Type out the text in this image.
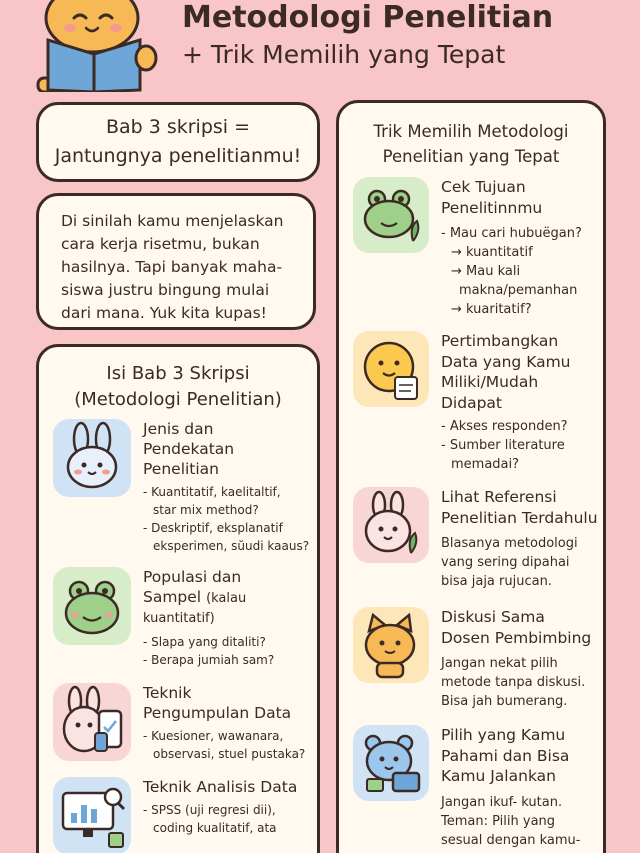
Metodologi Penelitian
+ Trik Memilih yang Tepat
Bab 3 skripsi =
Jantungnya penelitianmu!
Di sinilah kamu menjelaskan
cara kerja risetmu, bukan
hasilnya. Tapi banyak maha-
siswa justru bingung mulai
dari mana. Yuk kita kupas!
Isi Bab 3 Skripsi
(Metodologi Penelitian)
Jenis dan
Pendekatan
Penelitian
- Kuantitatif, kaelitaltif,
star mix method?
- Deskriptif, eksplanatif
eksperimen, sŭudi kaaus?
Populasi dan
Sampel (kalau
kuantitatif)
- Slapa yang ditaliti?
- Berapa jumiah sam?
Teknik
Pengumpulan Data
- Kuesioner, wawanara,
observasi, stuel pustaka?
Teknik Analisis Data
- SPSS (uji regresi dii),
coding kualitatif, ata
Trik Memilih Metodologi
Penelitian yang Tepat
Cek Tujuan
Penelitinnmu
- Mau cari hubuёgan?
→ kuantitatif
→ Mau kali
makna/pemanhan
→ kuaritatif?
Pertimbangkan
Data yang Kamu
Miliki/Mudah
Didapat
- Akses responden?
- Sumber literature
memadai?
Lihat Referensi
Penelitian Terdahulu
Blasanya metodologi
vang sering dipahai
bisa jaja rujucan.
Diskusi Sama
Dosen Pembimbing
Jangan nekat pilih
metode tanpa diskusi.
Bisa jah bumerang.
Pilih yang Kamu
Pahami dan Bisa
Kamu Jalankan
Jangan ikuf- kutan.
Teman: Pilih yang
sesual dengan kamu-
